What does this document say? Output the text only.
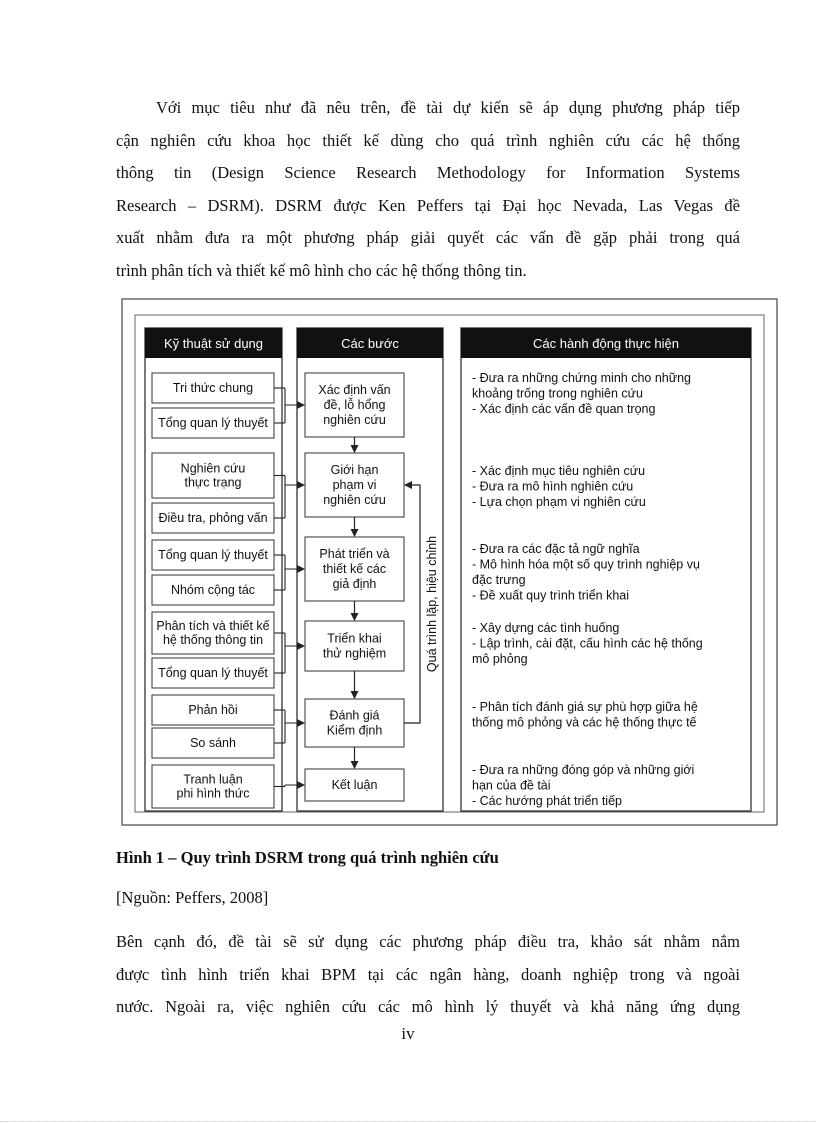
Với mục tiêu như đã nêu trên, đề tài dự kiến sẽ áp dụng phương pháp tiếp
cận nghiên cứu khoa học thiết kế dùng cho quá trình nghiên cứu các hệ thống
thông tin (Design Science Research Methodology for Information Systems
Research – DSRM). DSRM được Ken Peffers tại Đại học Nevada, Las Vegas đề
xuất nhằm đưa ra một phương pháp giải quyết các vấn đề gặp phải trong quá
trình phân tích và thiết kế mô hình cho các hệ thống thông tin.
Kỹ thuật sử dụng	Các bước	Các hành động thực hiện
Tri thức chung
Tổng quan lý thuyết
Nghiên cứu
thực trạng
Điều tra, phỏng vấn
Tổng quan lý thuyết
Nhóm cộng tác
Phân tích và thiết kế
hệ thống thông tin
Tổng quan lý thuyết
Phản hồi
So sánh
Tranh luận
phi hình thức
Xác định vấn
đề, lỗ hổng
nghiên cứu
Giới hạn
phạm vi
nghiên cứu
Phát triển và
thiết kế các
giả định
Triển khai
thử nghiệm
Đánh giá
Kiểm định
Kết luận
Quá trình lặp, hiệu chỉnh
- Đưa ra những chứng minh cho những
khoảng trống trong nghiên cứu
- Xác định các vấn đề quan trọng
- Xác định mục tiêu nghiên cứu
- Đưa ra mô hình nghiên cứu
- Lựa chọn phạm vi nghiên cứu
- Đưa ra các đặc tả ngữ nghĩa
- Mô hình hóa một số quy trình nghiệp vụ
đặc trưng
- Đề xuất quy trình triển khai
- Xây dựng các tình huống
- Lập trình, cài đặt, cấu hình các hệ thống
mô phỏng
- Phân tích đánh giá sự phù hợp giữa hệ
thống mô phỏng và các hệ thống thực tế
- Đưa ra những đóng góp và những giới
hạn của đề tài
- Các hướng phát triển tiếp
Hình 1 – Quy trình DSRM trong quá trình nghiên cứu
[Nguồn: Peffers, 2008]
Bên cạnh đó, đề tài sẽ sử dụng các phương pháp điều tra, khảo sát nhằm nắm
được tình hình triển khai BPM tại các ngân hàng, doanh nghiệp trong và ngoài
nước. Ngoài ra, việc nghiên cứu các mô hình lý thuyết và khả năng ứng dụng
iv
